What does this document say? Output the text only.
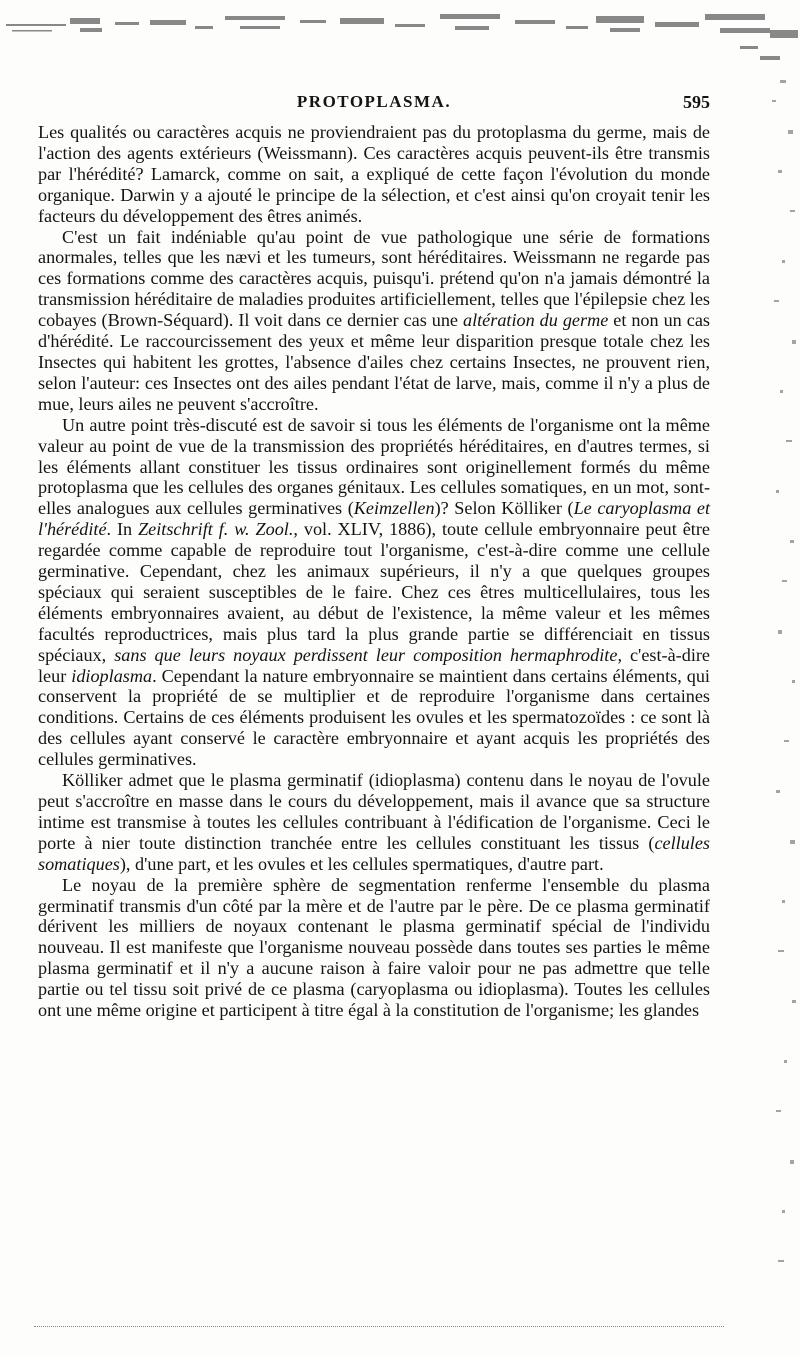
PROTOPLASMA.	595

Les qualités ou caractères acquis ne proviendraient pas du protoplasma du germe, mais de l'action des agents extérieurs (Weissmann). Ces caractères acquis peuvent-ils être transmis par l'hérédité? Lamarck, comme on sait, a expliqué de cette façon l'évolution du monde organique. Darwin y a ajouté le principe de la sélection, et c'est ainsi qu'on croyait tenir les facteurs du développement des êtres animés.

C'est un fait indéniable qu'au point de vue pathologique une série de formations anormales, telles que les nævi et les tumeurs, sont héréditaires. Weissmann ne regarde pas ces formations comme des caractères acquis, puisqu'i. prétend qu'on n'a jamais démontré la transmission héréditaire de maladies produites artificiellement, telles que l'épilepsie chez les cobayes (Brown-Séquard). Il voit dans ce dernier cas une altération du germe et non un cas d'hérédité. Le raccourcissement des yeux et même leur disparition presque totale chez les Insectes qui habitent les grottes, l'absence d'ailes chez certains Insectes, ne prouvent rien, selon l'auteur: ces Insectes ont des ailes pendant l'état de larve, mais, comme il n'y a plus de mue, leurs ailes ne peuvent s'accroître.

Un autre point très-discuté est de savoir si tous les éléments de l'organisme ont la même valeur au point de vue de la transmission des propriétés héréditaires, en d'autres termes, si les éléments allant constituer les tissus ordinaires sont originellement formés du même protoplasma que les cellules des organes génitaux. Les cellules somatiques, en un mot, sont-elles analogues aux cellules germinatives (Keimzellen)? Selon Kölliker (Le caryoplasma et l'hérédité. In Zeitschrift f. w. Zool., vol. XLIV, 1886), toute cellule embryonnaire peut être regardée comme capable de reproduire tout l'organisme, c'est-à-dire comme une cellule germinative. Cependant, chez les animaux supérieurs, il n'y a que quelques groupes spéciaux qui seraient susceptibles de le faire. Chez ces êtres multicellulaires, tous les éléments embryonnaires avaient, au début de l'existence, la même valeur et les mêmes facultés reproductrices, mais plus tard la plus grande partie se différenciait en tissus spéciaux, sans que leurs noyaux perdissent leur composition hermaphrodite, c'est-à-dire leur idioplasma. Cependant la nature embryonnaire se maintient dans certains éléments, qui conservent la propriété de se multiplier et de reproduire l'organisme dans certaines conditions. Certains de ces éléments produisent les ovules et les spermatozoïdes : ce sont là des cellules ayant conservé le caractère embryonnaire et ayant acquis les propriétés des cellules germinatives.

Kölliker admet que le plasma germinatif (idioplasma) contenu dans le noyau de l'ovule peut s'accroître en masse dans le cours du développement, mais il avance que sa structure intime est transmise à toutes les cellules contribuant à l'édification de l'organisme. Ceci le porte à nier toute distinction tranchée entre les cellules constituant les tissus (cellules somatiques), d'une part, et les ovules et les cellules spermatiques, d'autre part.

Le noyau de la première sphère de segmentation renferme l'ensemble du plasma germinatif transmis d'un côté par la mère et de l'autre par le père. De ce plasma germinatif dérivent les milliers de noyaux contenant le plasma germinatif spécial de l'individu nouveau. Il est manifeste que l'organisme nouveau possède dans toutes ses parties le même plasma germinatif et il n'y a aucune raison à faire valoir pour ne pas admettre que telle partie ou tel tissu soit privé de ce plasma (caryoplasma ou idioplasma). Toutes les cellules ont une même origine et participent à titre égal à la constitution de l'organisme; les glandes
